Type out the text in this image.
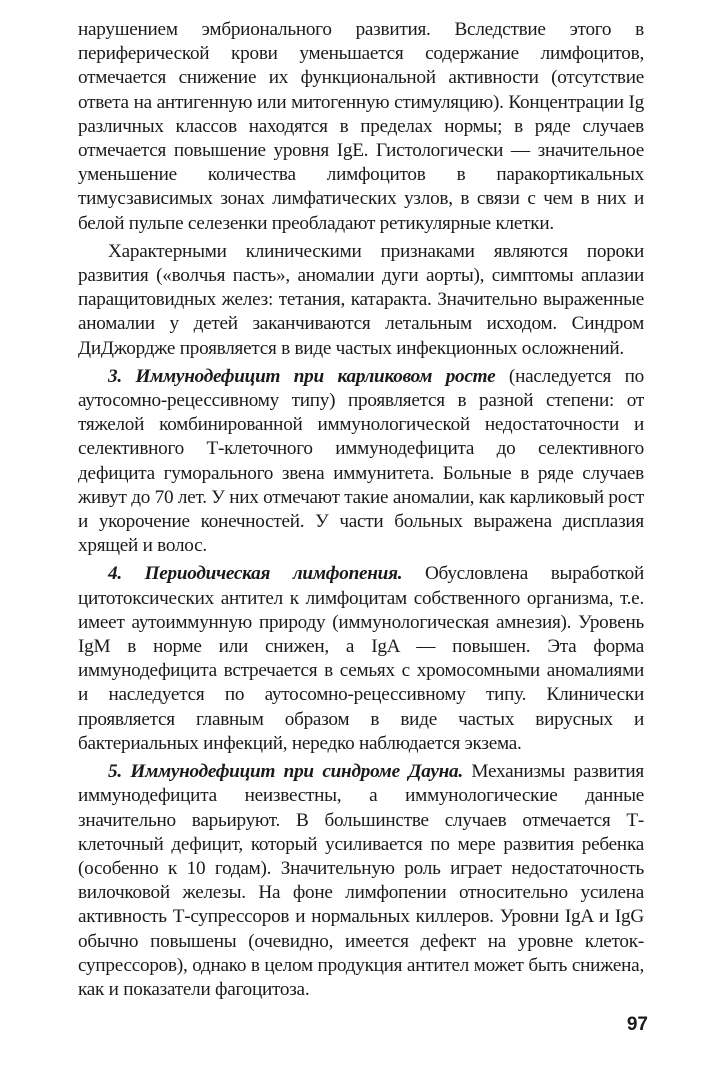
нарушением эмбрионального развития. Вследствие этого в периферической крови уменьшается содержание лимфоцитов, отмечается снижение их функциональной активности (отсутствие ответа на антигенную или митогенную стимуляцию). Концентрации Ig различных классов находятся в пределах нормы; в ряде случаев отмечается повышение уровня IgE. Гистологически — значительное уменьшение количества лимфоцитов в паракортикальных тимусзависимых зонах лимфатических узлов, в связи с чем в них и белой пульпе селезенки преобладают ретикулярные клетки.

Характерными клиническими признаками являются пороки развития («волчья пасть», аномалии дуги аорты), симптомы аплазии паращитовидных желез: тетания, катаракта. Значительно выраженные аномалии у детей заканчиваются летальным исходом. Синдром ДиДжордже проявляется в виде частых инфекционных осложнений.

3. Иммунодефицит при карликовом росте (наследуется по аутосомно-рецессивному типу) проявляется в разной степени: от тяжелой комбинированной иммунологической недостаточности и селективного Т-клеточного иммунодефицита до селективного дефицита гуморального звена иммунитета. Больные в ряде случаев живут до 70 лет. У них отмечают такие аномалии, как карликовый рост и укорочение конечностей. У части больных выражена дисплазия хрящей и волос.

4. Периодическая лимфопения. Обусловлена выработкой цитотоксических антител к лимфоцитам собственного организма, т.е. имеет аутоиммунную природу (иммунологическая амнезия). Уровень IgM в норме или снижен, а IgA — повышен. Эта форма иммунодефицита встречается в семьях с хромосомными аномалиями и наследуется по аутосомно-рецессивному типу. Клинически проявляется главным образом в виде частых вирусных и бактериальных инфекций, нередко наблюдается экзема.

5. Иммунодефицит при синдроме Дауна. Механизмы развития иммунодефицита неизвестны, а иммунологические данные значительно варьируют. В большинстве случаев отмечается Т-клеточный дефицит, который усиливается по мере развития ребенка (особенно к 10 годам). Значительную роль играет недостаточность вилочковой железы. На фоне лимфопении относительно усилена активность Т-супрессоров и нормальных киллеров. Уровни IgA и IgG обычно повышены (очевидно, имеется дефект на уровне клеток-супрессоров), однако в целом продукция антител может быть снижена, как и показатели фагоцитоза.

97
